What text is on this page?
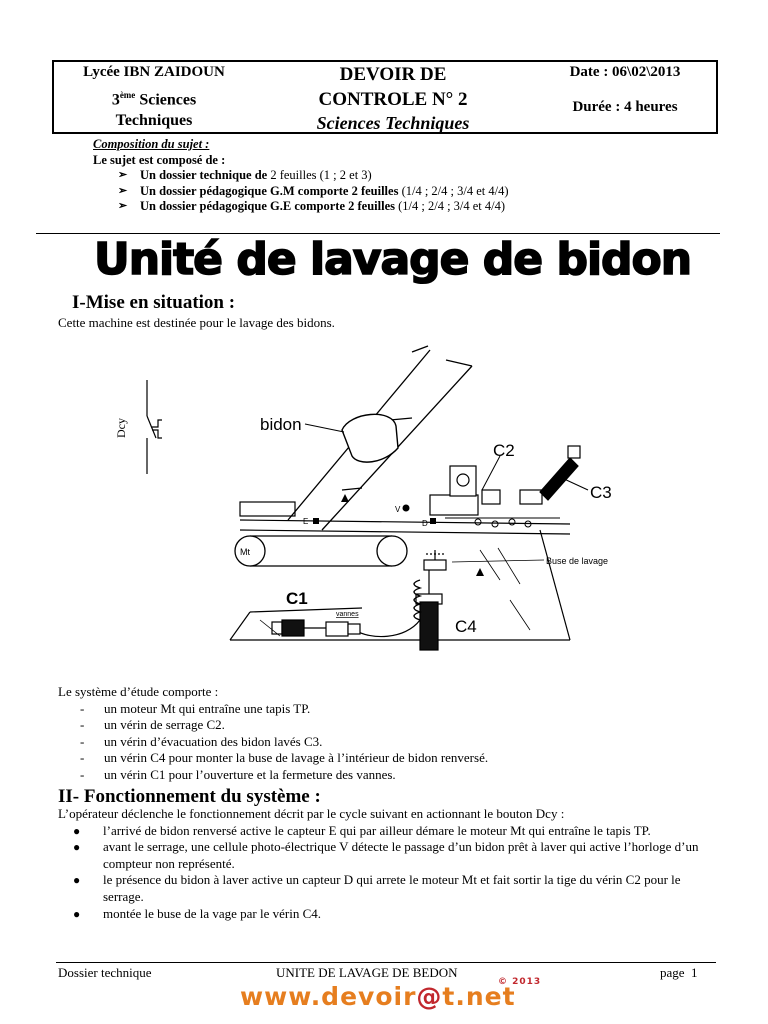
Lycée IBN ZAIDOUN
3ème Sciences
Techniques
DEVOIR DE
CONTROLE N° 2
Sciences Techniques
Date : 06\02\2013
Durée : 4 heures
Composition du sujet :
Le sujet est composé de :
➢ Un dossier technique de 2 feuilles (1 ; 2 et 3)
➢ Un dossier pédagogique G.M comporte 2 feuilles (1/4 ; 2/4 ; 3/4 et 4/4)
➢ Un dossier pédagogique G.E comporte 2 feuilles (1/4 ; 2/4 ; 3/4 et 4/4)
Unité de lavage de bidon
I-Mise en situation :
Cette machine est destinée pour le lavage des bidons.
Dcy	bidon
Mt
E
V
D
C2
C3
Buse de lavage
C4
C1
vannes
Le système d’étude comporte :
- un moteur Mt qui entraîne une tapis TP.
- un vérin de serrage C2.
- un vérin d’évacuation des bidon lavés C3.
- un vérin C4 pour monter la buse de lavage à l’intérieur de bidon renversé.
- un vérin C1 pour l’ouverture et la fermeture des vannes.
II- Fonctionnement du système :
L’opérateur déclenche le fonctionnement décrit par le cycle suivant en actionnant le bouton Dcy :
● l’arrivé de bidon renversé active le capteur E qui par ailleur démare le moteur Mt qui entraîne le tapis TP.
● avant le serrage, une cellule photo-électrique V détecte le passage d’un bidon prêt à laver qui active l’horloge d’un compteur non représenté.
● le présence du bidon à laver active un capteur D qui arrete le moteur Mt et fait sortir la tige du vérin C2 pour le serrage.
● montée le buse de la vage par le vérin C4.
Dossier technique	UNITE DE LAVAGE DE BEDON	page 1
www.devoir@t.net
© 2013
